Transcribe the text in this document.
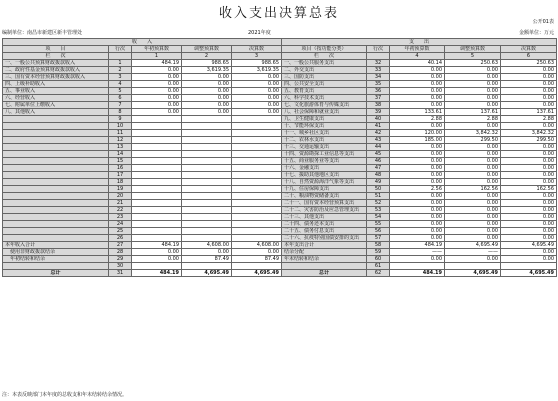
收入支出决算总表
公开01表
编制单位：南昌市新建区新丰管理处	2021年度	金额单位：万元
收　　入					支　　出				
项　　目	行次	年初预算数	调整预算数	决算数	项目（按功能分类）	行次	年初预算数	调整预算数	决算数
栏　　次		1	2	3	栏　　次		4	5	6
一、一般公共预算财政拨款收入	1	484.19	988.65	988.65	一、一般公共服务支出	32	40.14	250.63	250.63
二、政府性基金预算财政拨款收入	2	0.00	3,619.35	3,619.35	二、外交支出	33	0.00	0.00	0.00
三、国有资本经营预算财政拨款收入	3	0.00	0.00	0.00	三、国防支出	34	0.00	0.00	0.00
四、上级补助收入	4	0.00	0.00	0.00	四、公共安全支出	35	0.00	0.00	0.00
五、事业收入	5	0.00	0.00	0.00	五、教育支出	36	0.00	0.00	0.00
六、经营收入	6	0.00	0.00	0.00	六、科学技术支出	37	0.00	0.00	0.00
七、附属单位上缴收入	7	0.00	0.00	0.00	七、文化旅游体育与传媒支出	38	0.00	0.00	0.00
八、其他收入	8	0.00	0.00	0.00	八、社会保障和就业支出	39	133.61	137.61	137.61
	9				九、卫生健康支出	40	2.88	2.88	2.88
	10				十、节能环保支出	41	0.00	0.00	0.00
	11				十一、城乡社区支出	42	120.00	3,842.32	3,842.32
	12				十二、农林水支出	43	185.00	299.50	299.50
	13				十三、交通运输支出	44	0.00	0.00	0.00
	14				十四、资源勘探工业信息等支出	45	0.00	0.00	0.00
	15				十五、商业服务业等支出	46	0.00	0.00	0.00
	16				十六、金融支出	47	0.00	0.00	0.00
	17				十七、援助其他地区支出	48	0.00	0.00	0.00
	18				十八、自然资源海洋气象等支出	49	0.00	0.00	0.00
	19				十九、住房保障支出	50	2.56	162.56	162.56
	20				二十、粮油物资储备支出	51	0.00	0.00	0.00
	21				二十一、国有资本经营预算支出	52	0.00	0.00	0.00
	22				二十二、灾害防治及应急管理支出	53	0.00	0.00	0.00
	23				二十三、其他支出	54	0.00	0.00	0.00
	24				二十四、债务还本支出	55	0.00	0.00	0.00
	25				二十五、债务付息支出	56	0.00	0.00	0.00
	26				二十六、抗疫特别国债安排的支出	57	0.00	0.00	0.00
本年收入合计	27	484.19	4,608.00	4,608.00	本年支出合计	58	484.19	4,695.49	4,695.49
　使用非财政拨款结余	28	0.00	0.00	0.00	结余分配	59	——	——	0.00
　年初结转和结余	29	0.00	87.49	87.49	年末结转和结余	60	0.00	0.00	0.00
	30					61			
总计	31	484.19	4,695.49	4,695.49	总计	62	484.19	4,695.49	4,695.49
注：本表反映部门本年度的总收支和年末结转结余情况。
